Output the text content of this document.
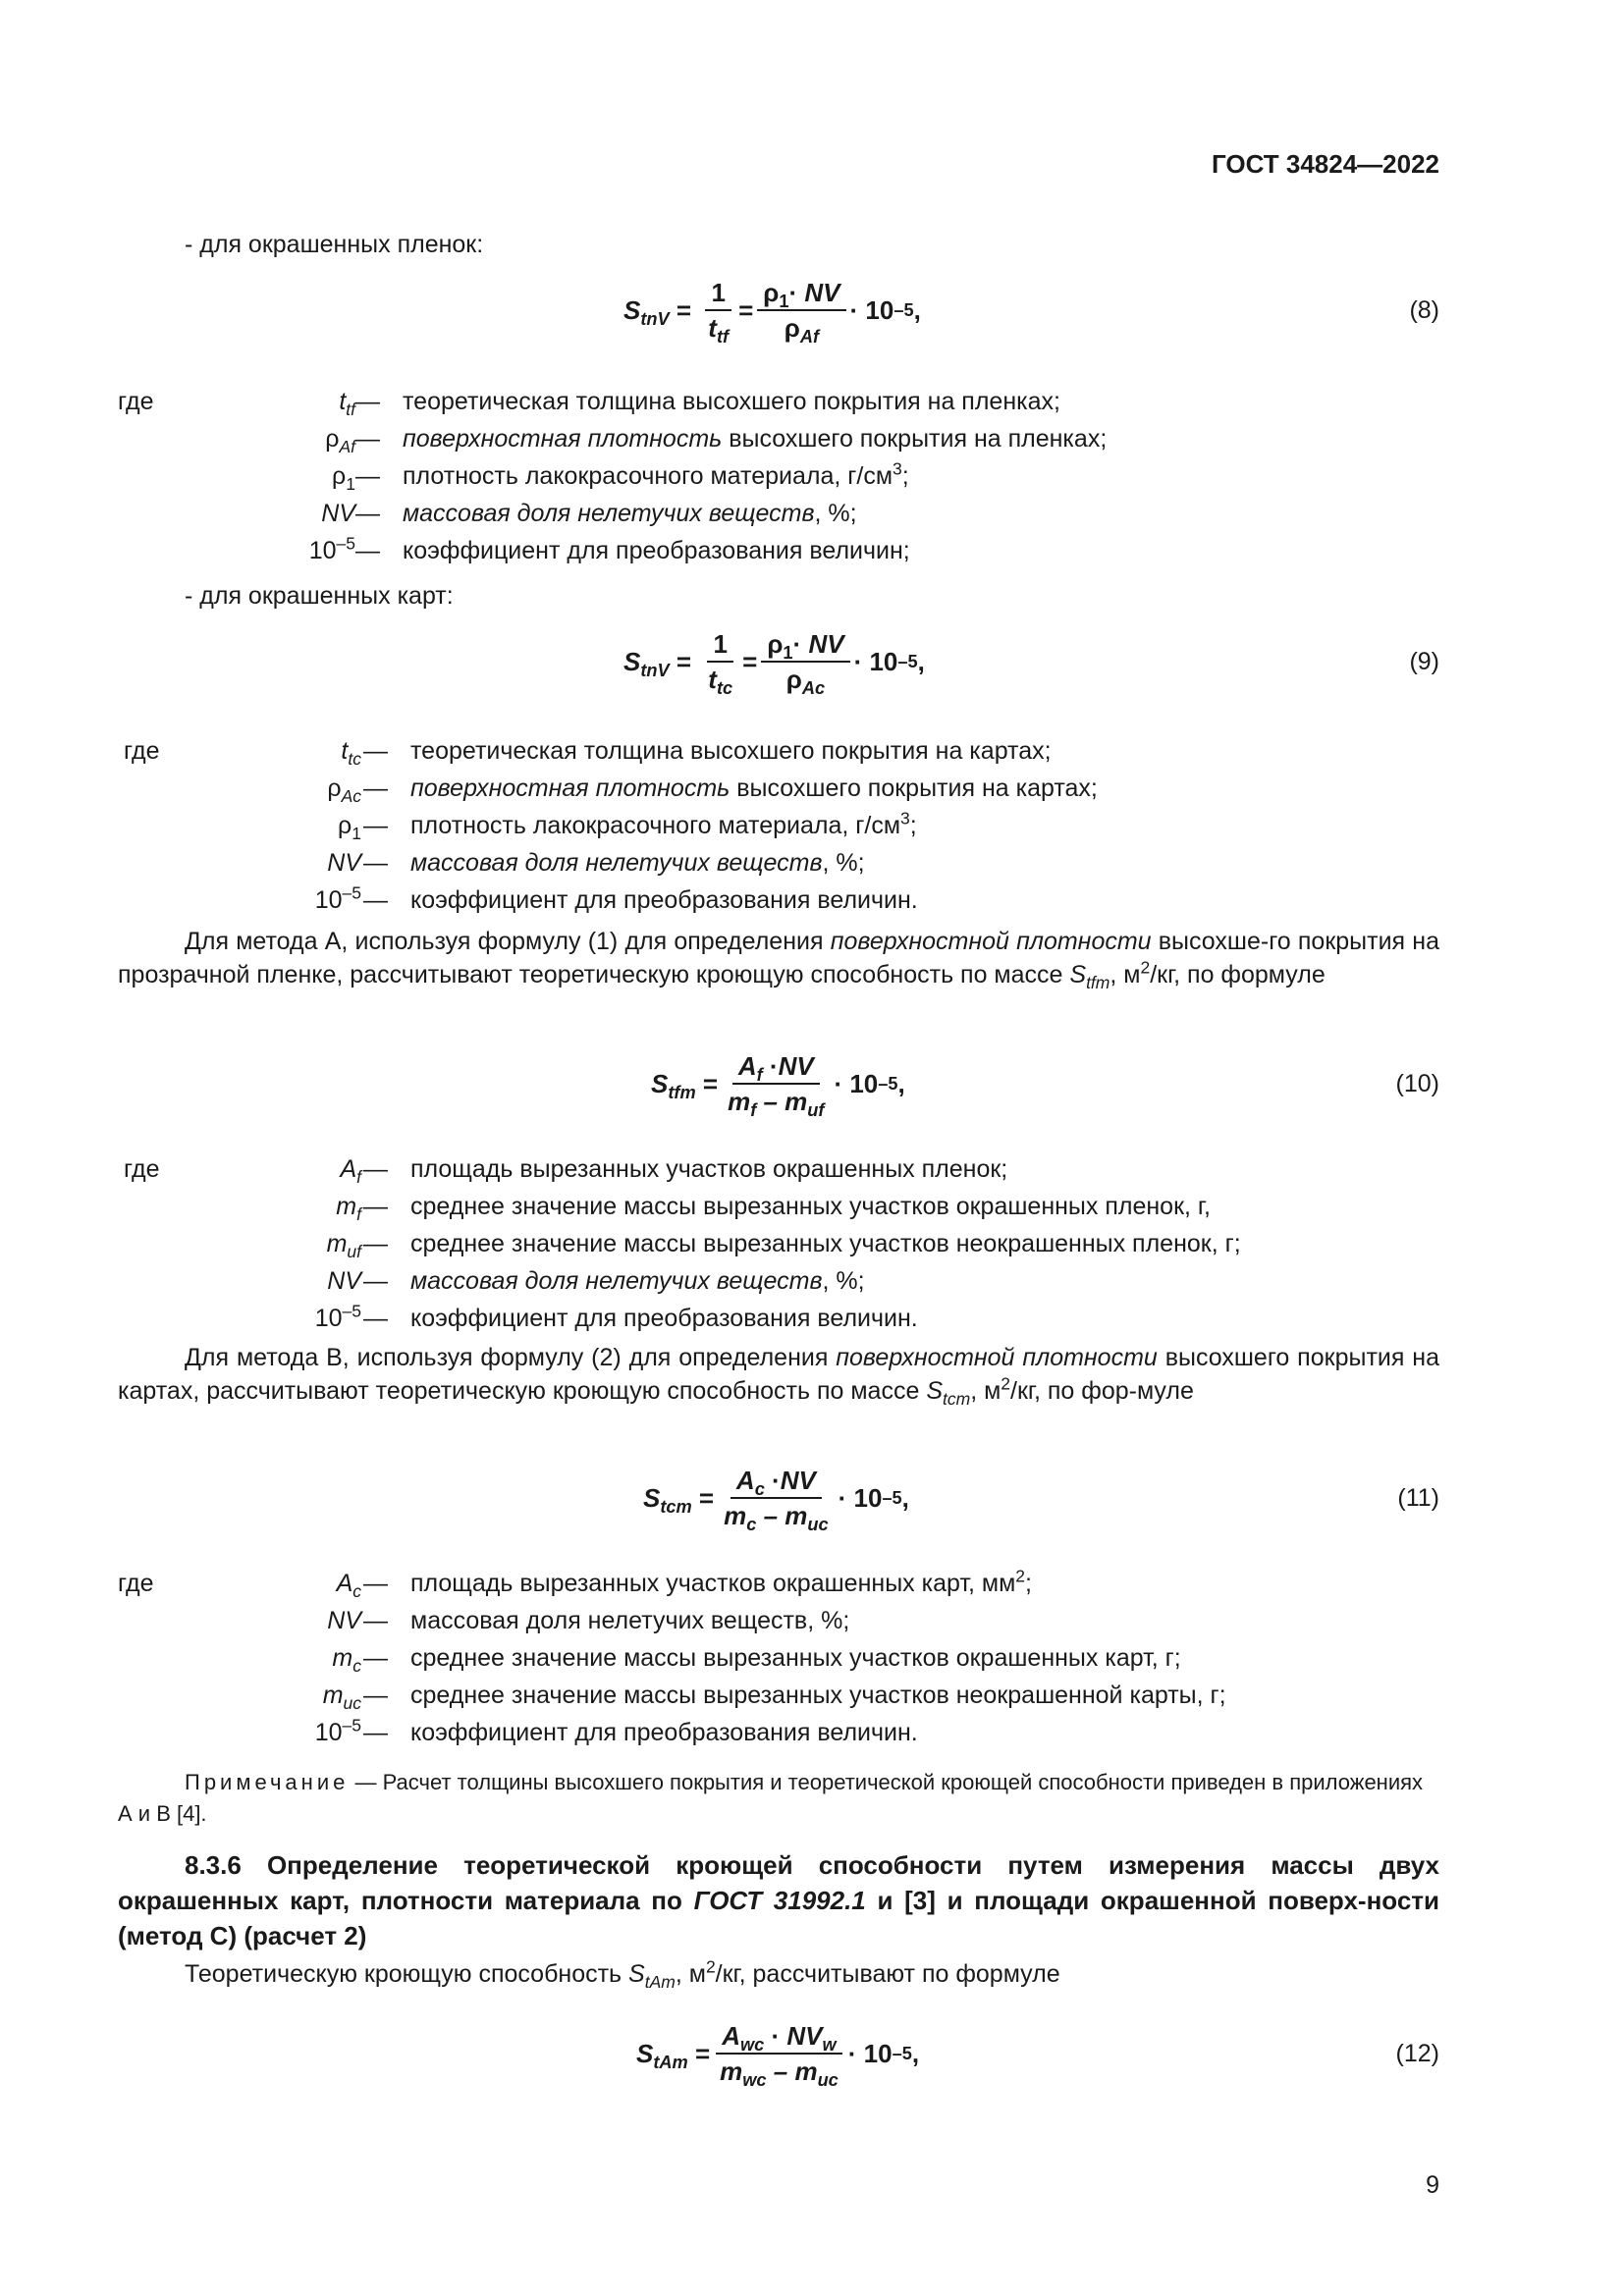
ГОСТ 34824—2022
- для окрашенных пленок:
$S_{tnV} = \frac{1}{t_{tf}} = \frac{\rho_1\cdot NV}{\rho_{Af}} \cdot 10$ –5 ,	(8)
где	$t_{tf}$ — теоретическая толщина высохшего покрытия на пленках;
$\rho_{Af}$ — поверхностная плотность высохшего покрытия на пленках;
$\rho_1$ — плотность лакокрасочного материала, $г/см^3$;
NV — массовая доля нелетучих веществ, %;
$10^{-5}$ — коэффициент для преобразования величин;
- для окрашенных карт:
$S_{tnV} = \frac{1}{t_{tc}} = \frac{\rho_1\cdot NV}{\rho_{Ac}} \cdot 10$ –5 ,	(9)
где	$t_{tc}$ — теоретическая толщина высохшего покрытия на картах;
$\rho_{Ac}$ — поверхностная плотность высохшего покрытия на картах;
$\rho_1$ — плотность лакокрасочного материала, $г/см^3$;
NV — массовая доля нелетучих веществ, %;
$10^{-5}$ — коэффициент для преобразования величин.
Для метода А, используя формулу (1) для определения поверхностной плотности высохше-го покрытия на прозрачной пленке, рассчитывают теоретическую кроющую способность по массе $S_{tfm}$, $м^2/кг$, по формуле
$S_{tfm} = \frac{A_f \cdot NV}{m_f - m_{uf}} \cdot 10$ –5 ,	(10)
где	$A_f$ — площадь вырезанных участков окрашенных пленок;
$m_f$ — среднее значение массы вырезанных участков окрашенных пленок, г,
$m_{uf}$ — среднее значение массы вырезанных участков неокрашенных пленок, г;
NV — массовая доля нелетучих веществ, %;
$10^{-5}$ — коэффициент для преобразования величин.
Для метода В, используя формулу (2) для определения поверхностной плотности высохшего покрытия на картах, рассчитывают теоретическую кроющую способность по массе $S_{tcm}$, $м^2/кг$, по фор-муле
$S_{tcm} = \frac{A_c \cdot NV}{m_c - m_{uc}} \cdot 10$ –5 ,	(11)
где	$A_c$ — площадь вырезанных участков окрашенных карт, $мм^2$;
NV — массовая доля нелетучих веществ, %;
$m_c$ — среднее значение массы вырезанных участков окрашенных карт, г;
$m_{uc}$ — среднее значение массы вырезанных участков неокрашенной карты, г;
$10^{-5}$ — коэффициент для преобразования величин.
Примечание — Расчет толщины высохшего покрытия и теоретической кроющей способности приведен в приложениях А и В [4].
8.3.6 Определение теоретической кроющей способности путем измерения массы двух окрашенных карт, плотности материала по ГОСТ 31992.1 и [3] и площади окрашенной поверх-ности (метод С) (расчет 2)
Теоретическую кроющую способность $S_{tAm}$, $м^2/кг$, рассчитывают по формуле
$S_{tAm} = \frac{A_{wc} \cdot NV_w}{m_{wc} - m_{uc}} \cdot 10$ –5 ,	(12)
9
